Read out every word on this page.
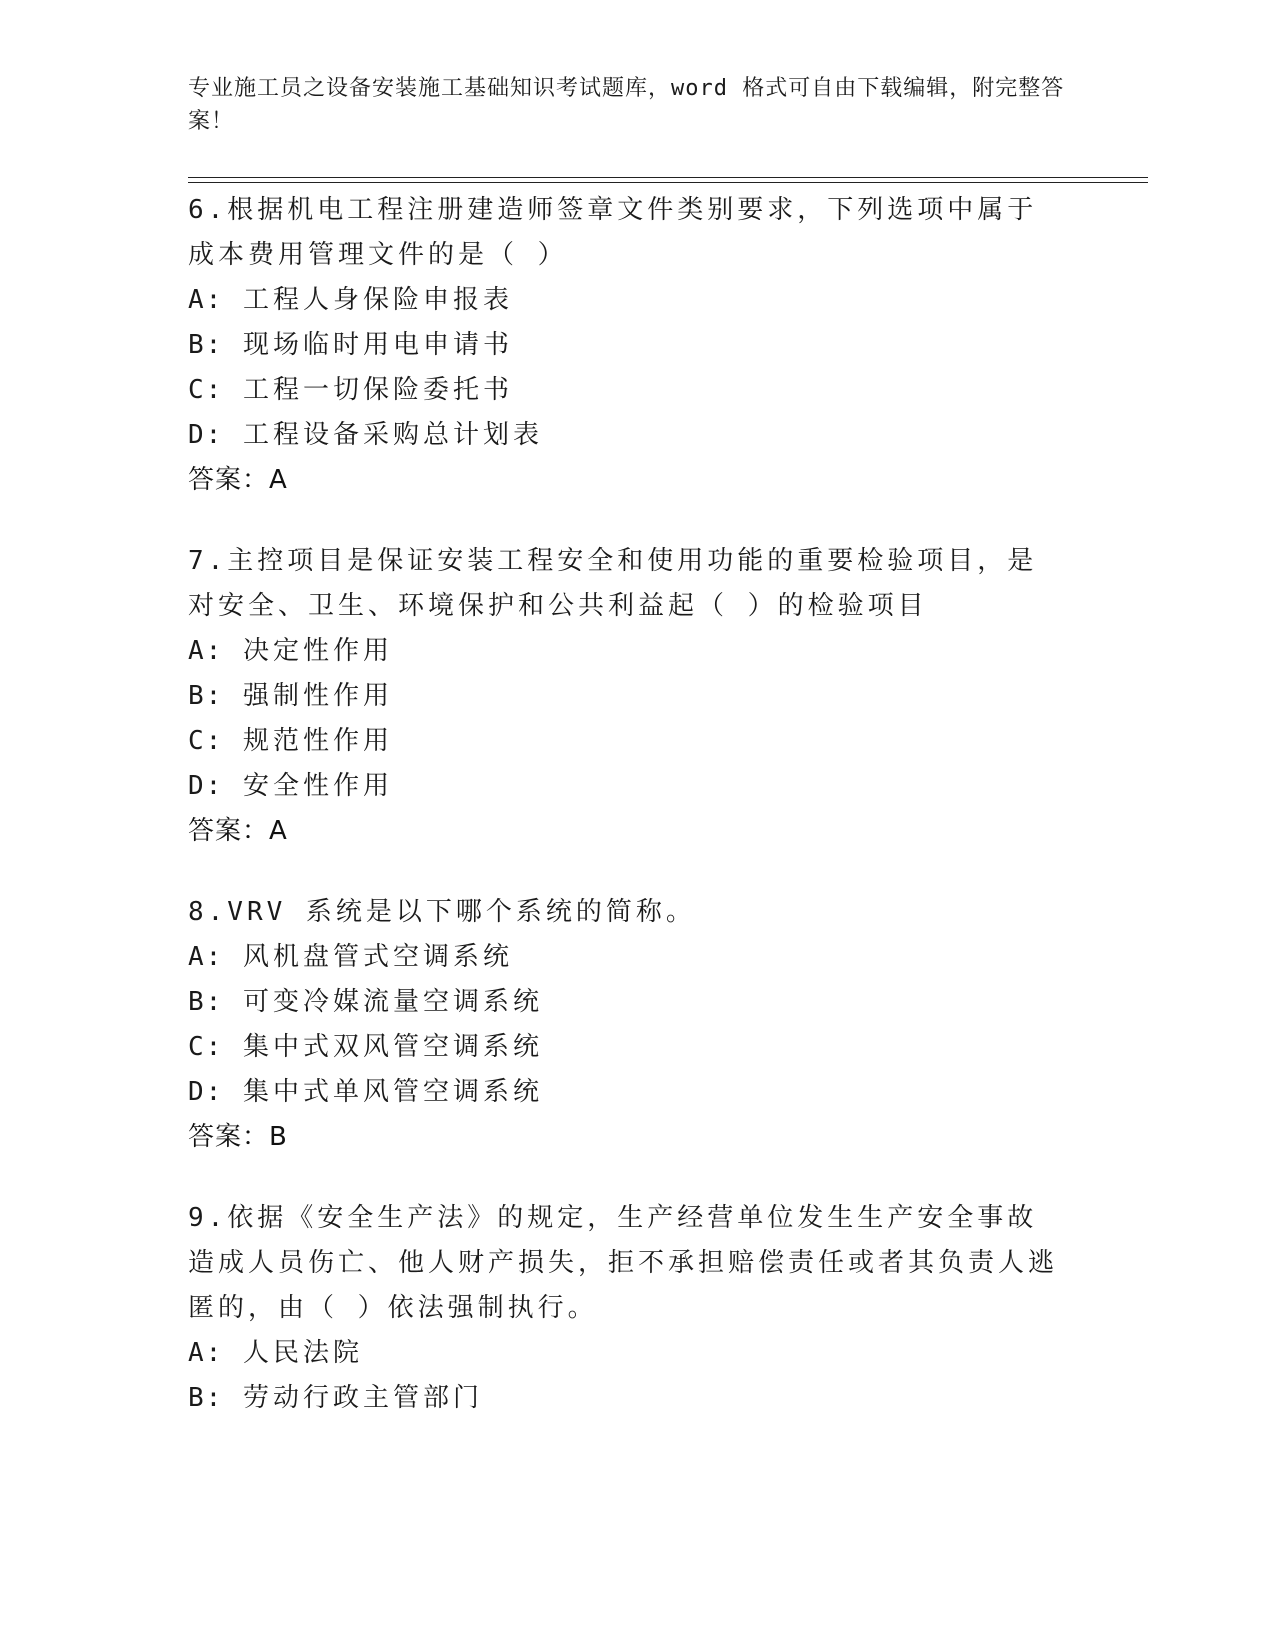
专业施工员之设备安装施工基础知识考试题库，word 格式可自由下载编辑，附完整答案！

6.根据机电工程注册建造师签章文件类别要求，下列选项中属于成本费用管理文件的是（ ）

A: 工程人身保险申报表

B: 现场临时用电申请书

C: 工程一切保险委托书

D: 工程设备采购总计划表

答案：A

7.主控项目是保证安装工程安全和使用功能的重要检验项目，是对安全、卫生、环境保护和公共利益起（ ）的检验项目

A: 决定性作用

B: 强制性作用

C: 规范性作用

D: 安全性作用

答案：A

8.VRV 系统是以下哪个系统的简称。

A: 风机盘管式空调系统

B: 可变冷媒流量空调系统

C: 集中式双风管空调系统

D: 集中式单风管空调系统

答案：B

9.依据《安全生产法》的规定，生产经营单位发生生产安全事故造成人员伤亡、他人财产损失，拒不承担赔偿责任或者其负责人逃匿的，由（ ）依法强制执行。

A: 人民法院

B: 劳动行政主管部门
